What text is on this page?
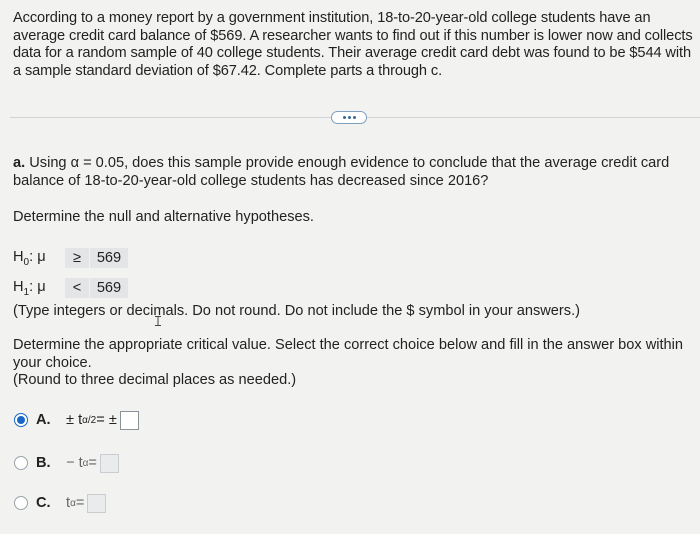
According to a money report by a government institution, 18-to-20-year-old college students have an average credit card balance of $569. A researcher wants to find out if this number is lower now and collects data for a random sample of 40 college students. Their average credit card debt was found to be $544 with a sample standard deviation of $67.42. Complete parts a through c.
a. Using α = 0.05, does this sample provide enough evidence to conclude that the average credit card balance of 18-to-20-year-old college students has decreased since 2016?
Determine the null and alternative hypotheses.
$H_0$: μ	≥	569
$H_1$: μ	<	569
(Type integers or decimals. Do not round. Do not include the $ symbol in your answers.)
Determine the appropriate critical value. Select the correct choice below and fill in the answer box within your choice.
(Round to three decimal places as needed.)
A.	± t α/2 = ±
B.	− t α =
C.	t α =
